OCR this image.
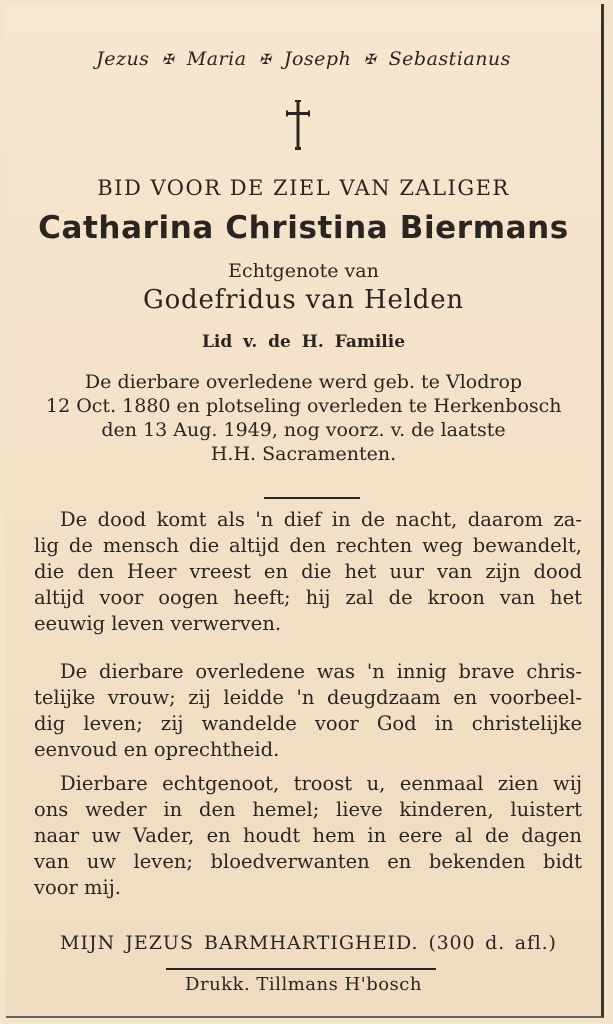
Jezus ✠ Maria ✠ Joseph ✠ Sebastianus
BID VOOR DE ZIEL VAN ZALIGER
Catharina Christina Biermans
Echtgenote van
Godefridus van Helden
Lid v. de H. Familie
De dierbare overledene werd geb. te Vlodrop
12 Oct. 1880 en plotseling overleden te Herkenbosch
den 13 Aug. 1949, nog voorz. v. de laatste
H.H. Sacramenten.
De dood komt als 'n dief in de nacht, daarom za-
lig de mensch die altijd den rechten weg bewandelt,
die den Heer vreest en die het uur van zijn dood
altijd voor oogen heeft; hij zal de kroon van het
eeuwig leven verwerven.
De dierbare overledene was 'n innig brave chris-
telijke vrouw; zij leidde 'n deugdzaam en voorbeel-
dig leven; zij wandelde voor God in christelijke
eenvoud en oprechtheid.
Dierbare echtgenoot, troost u, eenmaal zien wij
ons weder in den hemel; lieve kinderen, luistert
naar uw Vader, en houdt hem in eere al de dagen
van uw leven; bloedverwanten en bekenden bidt
voor mij.
MIJN JEZUS BARMHARTIGHEID. (300 d. afl.)
Drukk. Tillmans H'bosch
